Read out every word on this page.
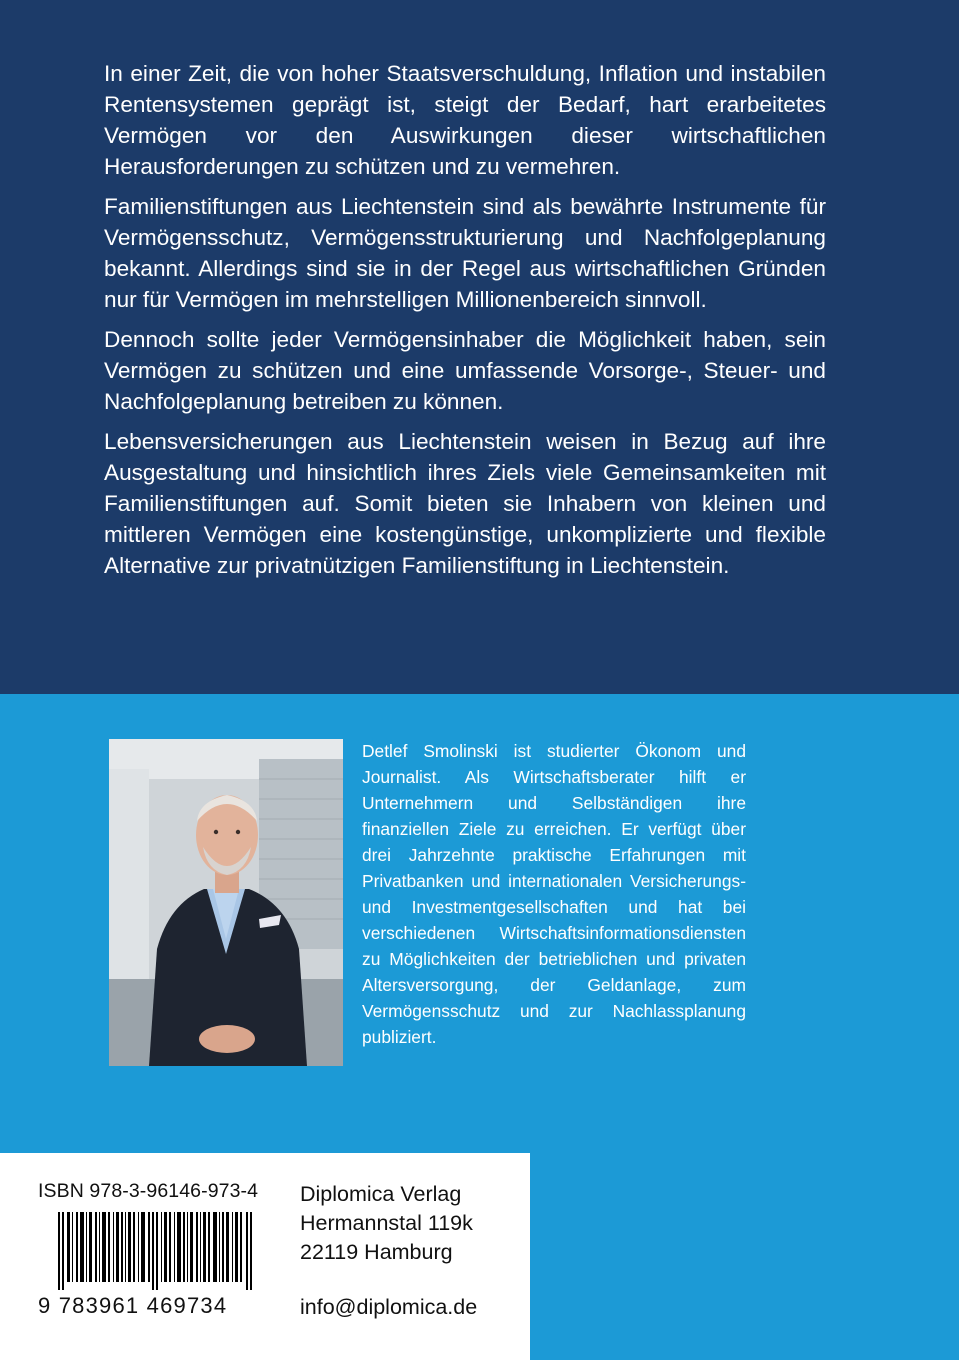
In einer Zeit, die von hoher Staatsverschuldung, Inflation und instabilen Rentensystemen geprägt ist, steigt der Bedarf, hart erarbeitetes Vermögen vor den Auswirkungen dieser wirtschaftlichen Herausforderungen zu schützen und zu vermehren.

Familienstiftungen aus Liechtenstein sind als bewährte Instrumente für Vermögensschutz, Vermögensstrukturierung und Nachfolgeplanung bekannt. Allerdings sind sie in der Regel aus wirtschaftlichen Gründen nur für Vermögen im mehrstelligen Millionenbereich sinnvoll.

Dennoch sollte jeder Vermögensinhaber die Möglichkeit haben, sein Vermögen zu schützen und eine umfassende Vorsorge-, Steuer- und Nachfolgeplanung betreiben zu können.

Lebensversicherungen aus Liechtenstein weisen in Bezug auf ihre Ausgestaltung und hinsichtlich ihres Ziels viele Gemeinsamkeiten mit Familienstiftungen auf. Somit bieten sie Inhabern von kleinen und mittleren Vermögen eine kostengünstige, unkomplizierte und flexible Alternative zur privatnützigen Familienstiftung in Liechtenstein.

Detlef Smolinski ist studierter Ökonom und Journalist. Als Wirtschaftsberater hilft er Unternehmern und Selbständigen ihre finanziellen Ziele zu erreichen. Er verfügt über drei Jahrzehnte praktische Erfahrungen mit Privatbanken und internationalen Versicherungs- und Investmentgesellschaften und hat bei verschiedenen Wirtschaftsinformationsdiensten zu Möglichkeiten der betrieblichen und privaten Altersversorgung, der Geldanlage, zum Vermögensschutz und zur Nachlassplanung publiziert.

ISBN 978-3-96146-973-4
9 783961 469734
Diplomica Verlag
Hermannstal 119k
22119 Hamburg
info@diplomica.de
